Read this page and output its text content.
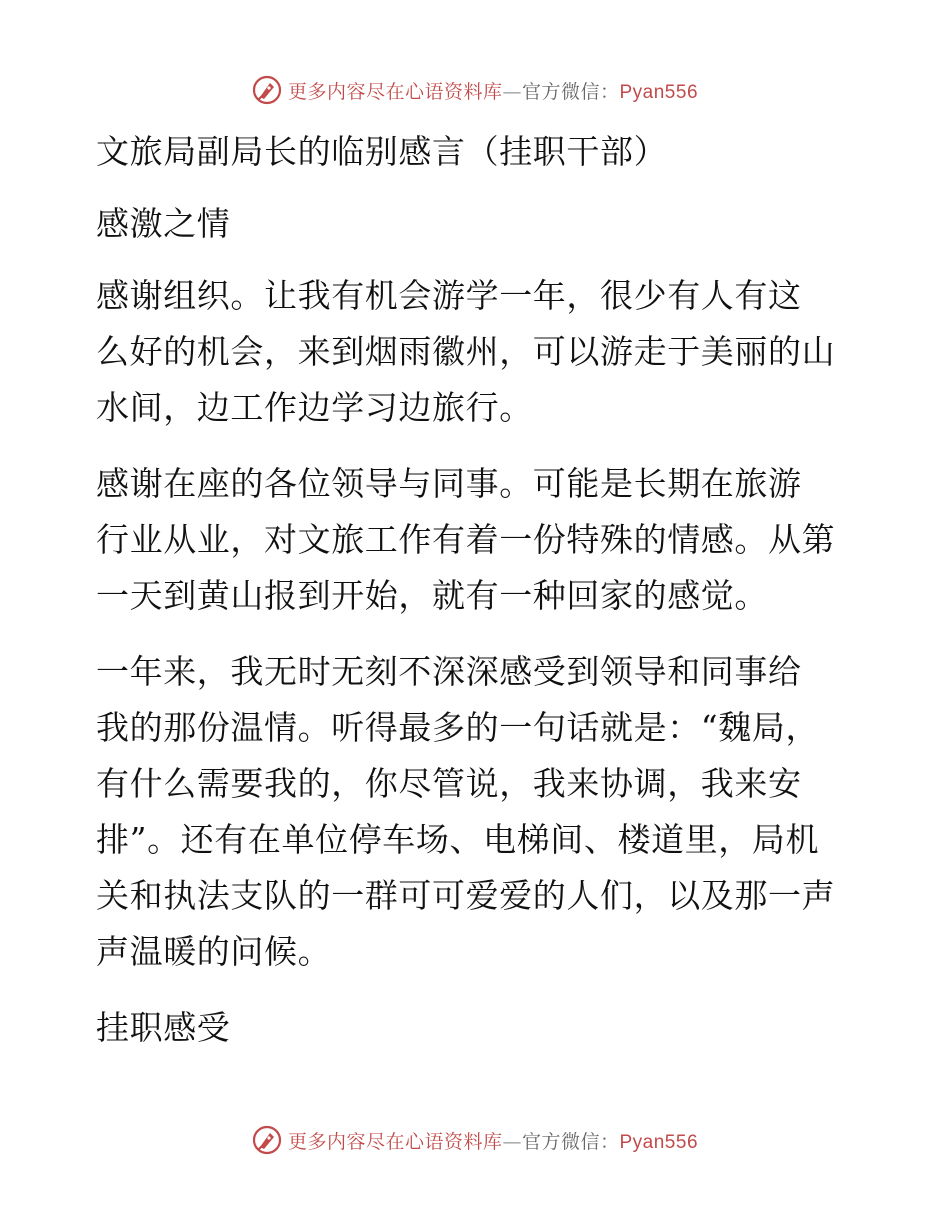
更多内容尽在心语资料库—官方微信：Pyan556
文旅局副局长的临别感言（挂职干部）
感激之情
感谢组织。让我有机会游学一年，很少有人有这
么好的机会，来到烟雨徽州，可以游走于美丽的山
水间，边工作边学习边旅行。
感谢在座的各位领导与同事。可能是长期在旅游
行业从业，对文旅工作有着一份特殊的情感。从第
一天到黄山报到开始，就有一种回家的感觉。
一年来，我无时无刻不深深感受到领导和同事给
我的那份温情。听得最多的一句话就是：“魏局，
有什么需要我的，你尽管说，我来协调，我来安
排”。还有在单位停车场、电梯间、楼道里，局机
关和执法支队的一群可可爱爱的人们，以及那一声
声温暖的问候。
挂职感受
更多内容尽在心语资料库—官方微信：Pyan556
